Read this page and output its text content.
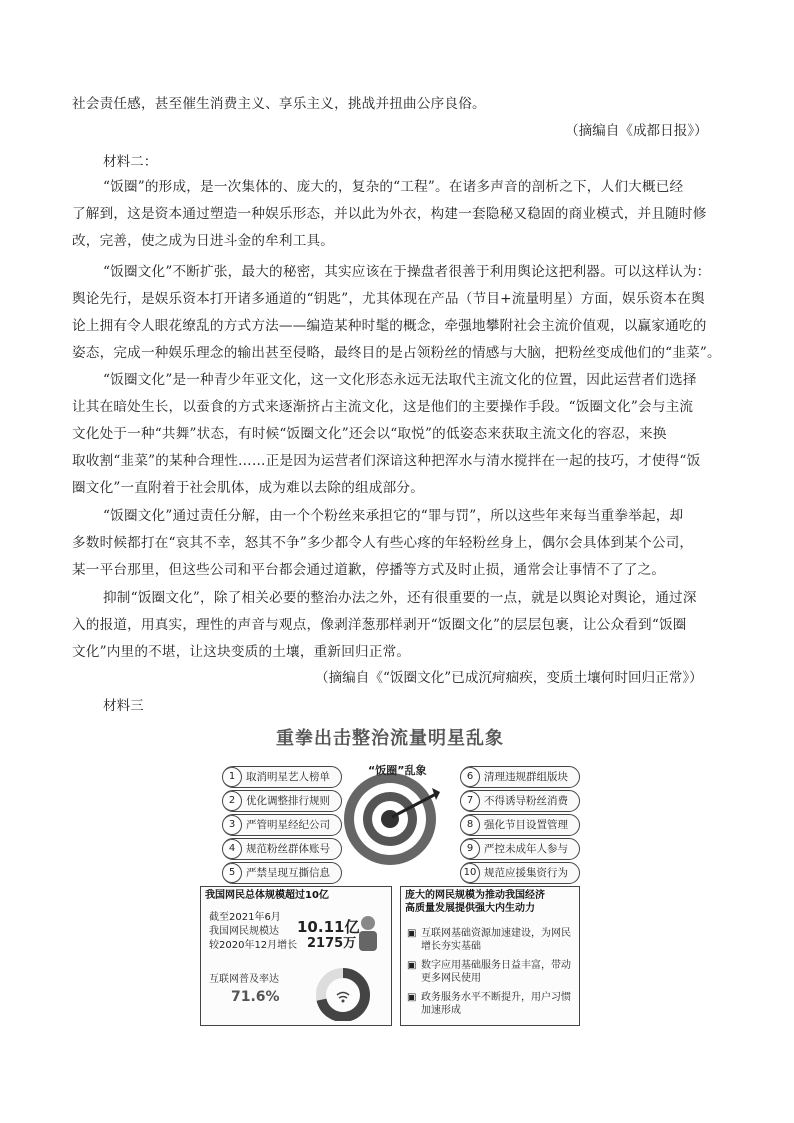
社会责任感，甚至催生消费主义、享乐主义，挑战并扭曲公序良俗。
（摘编自《成都日报》）
材料二：
“饭圈”的形成，是一次集体的、庞大的，复杂的“工程”。在诸多声音的剖析之下，人们大概已经
了解到，这是资本通过塑造一种娱乐形态，并以此为外衣，构建一套隐秘又稳固的商业模式，并且随时修
改，完善，使之成为日进斗金的牟利工具。
“饭圈文化”不断扩张，最大的秘密，其实应该在于操盘者很善于利用舆论这把利器。可以这样认为：
舆论先行，是娱乐资本打开诸多通道的“钥匙”，尤其体现在产品（节目+流量明星）方面，娱乐资本在舆
论上拥有令人眼花缭乱的方式方法——编造某种时髦的概念，牵强地攀附社会主流价值观，以赢家通吃的
姿态，完成一种娱乐理念的输出甚至侵略，最终目的是占领粉丝的情感与大脑，把粉丝变成他们的“韭菜”。
“饭圈文化”是一种青少年亚文化，这一文化形态永远无法取代主流文化的位置，因此运营者们选择
让其在暗处生长，以蚕食的方式来逐渐挤占主流文化，这是他们的主要操作手段。“饭圈文化”会与主流
文化处于一种“共舞”状态，有时候“饭圈文化”还会以“取悦”的低姿态来获取主流文化的容忍，来换
取收割“韭菜”的某种合理性……正是因为运营者们深谙这种把浑水与清水搅拌在一起的技巧，才使得“饭
圈文化”一直附着于社会肌体，成为难以去除的组成部分。
“饭圈文化”通过责任分解，由一个个粉丝来承担它的“罪与罚”，所以这些年来每当重拳举起，却
多数时候都打在“哀其不幸，怒其不争”多少都令人有些心疼的年轻粉丝身上，偶尔会具体到某个公司，
某一平台那里，但这些公司和平台都会通过道歉，停播等方式及时止损，通常会让事情不了了之。
抑制“饭圈文化”，除了相关必要的整治办法之外，还有很重要的一点，就是以舆论对舆论，通过深
入的报道，用真实，理性的声音与观点，像剥洋葱那样剥开“饭圈文化”的层层包裹，让公众看到“饭圈
文化”内里的不堪，让这块变质的土壤，重新回归正常。
（摘编自《“饭圈文化”已成沉疴痼疾，变质土壤何时回归正常》）
材料三
重拳出击整治流量明星乱象
“饭圈”乱象
1 取消明星艺人榜单
2 优化调整排行规则
3 严管明星经纪公司
4 规范粉丝群体账号
5 严禁呈现互撕信息
6 清理违规群组版块
7 不得诱导粉丝消费
8 强化节目设置管理
9 严控未成年人参与
10 规范应援集资行为
我国网民总体规模超过10亿
截至2021年6月
我国网民规模达 10.11亿
较2020年12月增长 2175万
互联网普及率达
71.6%
庞大的网民规模为推动我国经济
高质量发展提供强大内生动力
▣ 互联网基础资源加速建设，为网民
增长夯实基础
▣ 数字应用基础服务日益丰富，带动
更多网民使用
▣ 政务服务水平不断提升，用户习惯
加速形成
